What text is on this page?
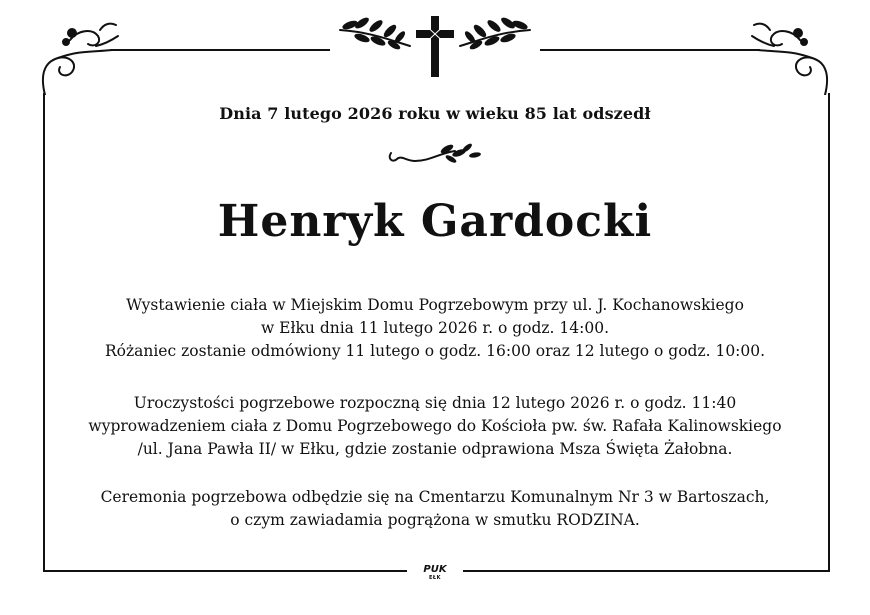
Dnia 7 lutego 2026 roku w wieku 85 lat odszedł
Henryk Gardocki
Wystawienie ciała w Miejskim Domu Pogrzebowym przy ul. J. Kochanowskiego
w Ełku dnia 11 lutego 2026 r. o godz. 14:00.
Różaniec zostanie odmówiony 11 lutego o godz. 16:00 oraz 12 lutego o godz. 10:00.
Uroczystości pogrzebowe rozpoczną się dnia 12 lutego 2026 r. o godz. 11:40
wyprowadzeniem ciała z Domu Pogrzebowego do Kościoła pw. św. Rafała Kalinowskiego
/ul. Jana Pawła II/ w Ełku, gdzie zostanie odprawiona Msza Święta Żałobna.
Ceremonia pogrzebowa odbędzie się na Cmentarzu Komunalnym Nr 3 w Bartoszach,
o czym zawiadamia pogrążona w smutku RODZINA.
PUK
EŁK
